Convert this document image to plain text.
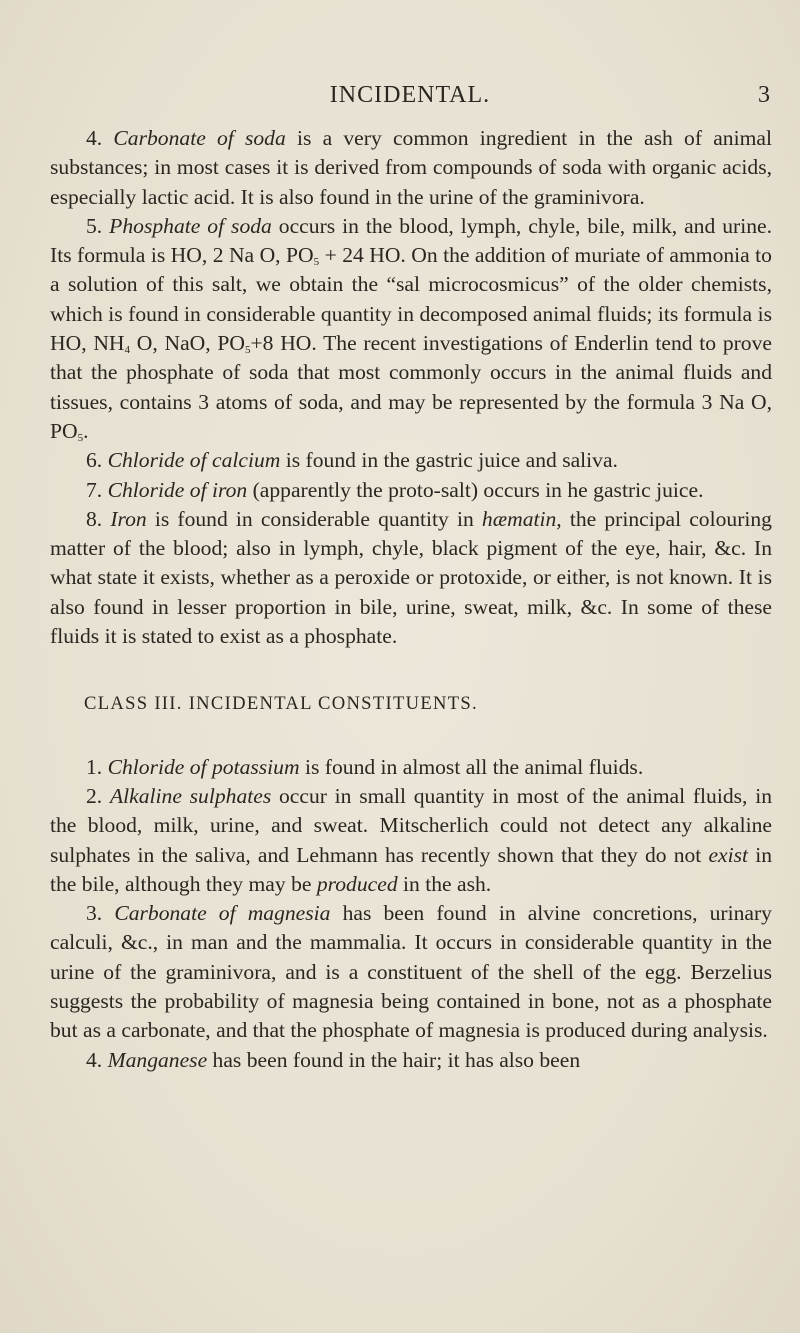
INCIDENTAL.	3

4. Carbonate of soda is a very common ingredient in the ash of animal substances; in most cases it is derived from compounds of soda with organic acids, especially lactic acid. It is also found in the urine of the graminivora.

5. Phosphate of soda occurs in the blood, lymph, chyle, bile, milk, and urine. Its formula is HO, 2 Na O, $PO_5 + 24$ HO. On the addition of muriate of ammonia to a solution of this salt, we obtain the “sal microcosmicus” of the older chemists, which is found in considerable quantity in decomposed animal fluids; its formula is HO, $NH_4$ O, NaO, $PO_5+8$ HO. The recent investigations of Enderlin tend to prove that the phosphate of soda that most commonly occurs in the animal fluids and tissues, contains 3 atoms of soda, and may be represented by the formula 3 Na O, $PO_5$.

6. Chloride of calcium is found in the gastric juice and saliva.

7. Chloride of iron (apparently the proto-salt) occurs in he gastric juice.

8. Iron is found in considerable quantity in hæmatin, the principal colouring matter of the blood; also in lymph, chyle, black pigment of the eye, hair, &c. In what state it exists, whether as a peroxide or protoxide, or either, is not known. It is also found in lesser proportion in bile, urine, sweat, milk, &c. In some of these fluids it is stated to exist as a phosphate.

CLASS III. INCIDENTAL CONSTITUENTS.

1. Chloride of potassium is found in almost all the animal fluids.

2. Alkaline sulphates occur in small quantity in most of the animal fluids, in the blood, milk, urine, and sweat. Mitscherlich could not detect any alkaline sulphates in the saliva, and Lehmann has recently shown that they do not exist in the bile, although they may be produced in the ash.

3. Carbonate of magnesia has been found in alvine concretions, urinary calculi, &c., in man and the mammalia. It occurs in considerable quantity in the urine of the graminivora, and is a constituent of the shell of the egg. Berzelius suggests the probability of magnesia being contained in bone, not as a phosphate but as a carbonate, and that the phosphate of magnesia is produced during analysis.

4. Manganese has been found in the hair; it has also been
